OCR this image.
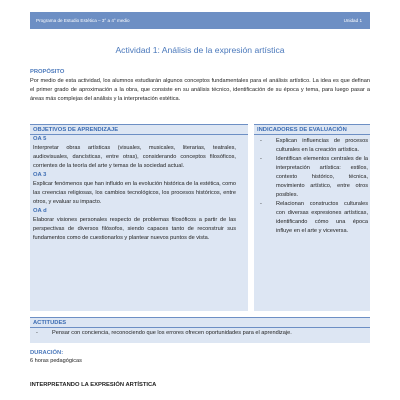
Programa de Estudio Estética – 3° a 4° medio	Unidad 1
Actividad 1: Análisis de la expresión artística
PROPÓSITO

Por medio de esta actividad, los alumnos estudiarán algunos conceptos fundamentales para el análisis artístico. La idea es que definan el primer grado de aproximación a la obra, que consiste en su análisis técnico, identificación de su época y tema, para luego pasar a áreas más complejas del análisis y la interpretación estética.

OBJETIVOS DE APRENDIZAJE
OA 5

Interpretar obras artísticas (visuales, musicales, literarias, teatrales, audiovisuales, dancísticas, entre otras), considerando conceptos filosóficos, corrientes de la teoría del arte y temas de la sociedad actual.

OA 3

Explicar fenómenos que han influido en la evolución histórica de la estética, como las creencias religiosas, los cambios tecnológicos, los procesos históricos, entre otros, y evaluar su impacto.

OA d

Elaborar visiones personales respecto de problemas filosóficos a partir de las perspectivas de diversos filósofos, siendo capaces tanto de reconstruir sus fundamentos como de cuestionarlos y plantear nuevos puntos de vista.

INDICADORES DE EVALUACIÓN
-	Explican influencias de procesos culturales en la creación artística.
-	Identifican elementos centrales de la interpretación artística: estilos, contexto histórico, técnica, movimiento artístico, entre otros posibles.
-	Relacionan constructos culturales con diversas expresiones artísticas, identificando cómo una época influye en el arte y viceversa.
ACTITUDES
-	Pensar con conciencia, reconociendo que los errores ofrecen oportunidades para el aprendizaje.
DURACIÓN:
6 horas pedagógicas
INTERPRETANDO LA EXPRESIÓN ARTÍSTICA
